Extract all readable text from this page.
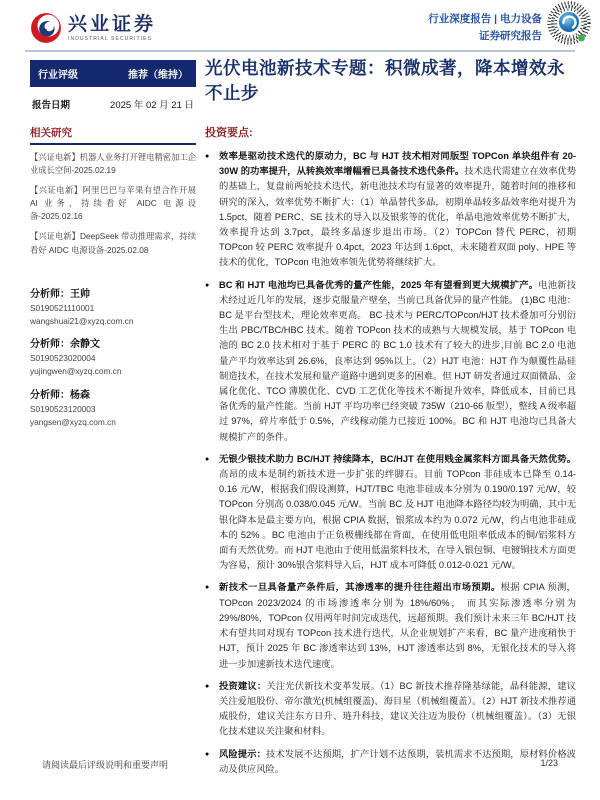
兴业证券
INDUSTRIAL SECURITIES
行业深度报告 | 电力设备
证券研究报告
行业评级	推荐（维持）
报告日期	2025 年 02 月 21 日
相关研究
【兴证电新】机器人业务打开锂电精密加工企业成长空间-2025.02.19
【兴证电新】阿里巴巴与苹果有望合作开展 AI 业务，持续看好 AIDC 电源设备-2025.02.16
【兴证电新】DeepSeek 带动推理需求，持续看好 AIDC 电源设备-2025.02.08
分析师：王帅
S0190521110001
wangshuai21@xyzq.com.cn
分析师：余静文
S0190523020004
yujingwen@xyzq.com.cn
分析师：杨森
S0190523120003
yangsen@xyzq.com.cn
光伏电池新技术专题：积微成著，降本增效永不止步
投资要点:
●	效率是驱动技术迭代的原动力，BC 与 HJT 技术相对同版型 TOPCon 单块组件有 20-30W 的功率提升，从转换效率增幅看已具备技术迭代条件。技术迭代需建立在效率优势的基础上，复盘前两轮技术迭代，新电池技术均有显著的效率提升，随着时间的推移和研究的深入，效率优势不断扩大：（1）单晶替代多晶，初期单晶较多晶效率绝对提升为 1.5pct，随着 PERC、SE 技术的导入以及银浆等的优化，单晶电池效率优势不断扩大，效率提升达到 3.7pct，最终多晶逐步退出市场。（2）TOPCon 替代 PERC，初期 TOPcon 较 PERC 效率提升 0.4pct，2023 年达到 1.6pct，未来随着双面 poly、HPE 等技术的优化，TOPcon 电池效率领先优势将继续扩大。

●	BC 和 HJT 电池均已具备优秀的量产性能，2025 年有望看到更大规模扩产。电池新技术经过近几年的发展，逐步克服量产壁垒，当前已具备优异的量产性能。 (1)BC 电池：BC 是平台型技术，理论效率更高。 BC 技术与 PERC/TOPcon/HJT 技术叠加可分别衍生出 PBC/TBC/HBC 技术。随着 TOPcon 技术的成熟与大规模发展，基于 TOPcon 电池的 BC 2.0 技术相对于基于 PERC 的 BC 1.0 技术有了较大的进步,目前 BC 2.0 电池量产平均效率达到 26.6%，良率达到 95%以上。（2）HJT 电池：HJT 作为颠覆性晶硅制造技术，在技术发展和量产道路中遇到更多的困难。但 HJT 研发者通过双面微晶、金属化优化、TCO 薄膜优化、CVD 工艺优化等技术不断提升效率，降低成本，目前已具备优秀的量产性能。当前 HJT 平均功率已经突破 735W（210-66 版型），整线 A 级率超过 97%，碎片率低于 0.5%，产线稼动能力已接近 100%。BC 和 HJT 电池均已具备大规模扩产的条件。

●	无银少银技术助力 BC/HJT 持续降本，BC/HJT 在使用贱金属浆料方面具备天然优势。高昂的成本是制约新技术进一步扩张的绊脚石。目前 TOPcon 非硅成本已降至 0.14-0.16 元/W，根据我们假设测算，HJT/TBC 电池非硅成本分别为 0.190/0.197 元/W，较 TOPcon 分别高 0.038/0.045 元/W。当前 BC 及 HJT 电池降本路径均较为明确，其中无银化降本是最主要方向，根据 CPIA 数据，银浆成本约为 0.072 元/W，约占电池非硅成本的 52% 。BC 电池由于正负极栅线都在背面，在使用低电阻率低成本的铜/铝浆料方面有天然优势。而 HJT 电池由于使用低温浆料技术，在导入银包铜、电镀铜技术方面更为容易，预计 30%银含浆料导入后，HJT 成本可降低 0.012-0.021 元/W。

●	新技术一旦具备量产条件后，其渗透率的提升往往超出市场预期。根据 CPIA 预测，TOPcon 2023/2024 的市场渗透率分别为 18%/60%， 而其实际渗透率分别为 29%/80%，TOPcon 仅用两年时间完成迭代，远超预期。我们预计未来三年 BC/HJT 技术有望共同对现有 TOPcon 技术进行迭代，从企业规划扩产来看，BC 量产进度稍快于 HJT，预计 2025 年 BC 渗透率达到 13%，HJT 渗透率达到 8%，无银化技术的导入将进一步加速新技术迭代速度。

●	投资建议：关注光伏新技术变革发展。（1）BC 新技术推荐隆基绿能，晶科能源，建议关注爱旭股份、帝尔激光(机械组覆盖)、海目星（机械组覆盖）。（2）HJT 新技术推荐通威股份，建议关注东方日升、琏升科技，建议关注迈为股份（机械组覆盖）。（3）无银化技术建议关注聚和材料。

●	风险提示：技术发展不达预期，扩产计划不达预期，装机需求不达预期，原材料价格波动及供应风险。

请阅读最后评级说明和重要声明	1/23
